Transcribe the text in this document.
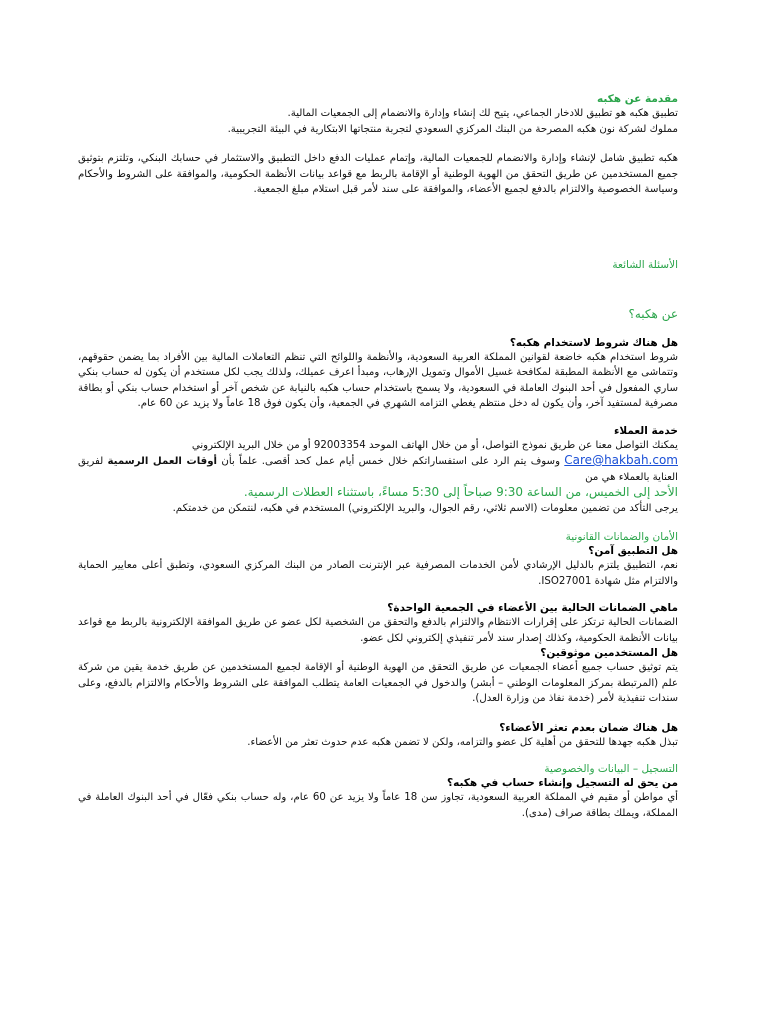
مقدمة عن هكبه

تطبيق هكبه هو تطبيق للادخار الجماعي، يتيح لك إنشاء وإدارة والانضمام إلى الجمعيات المالية.

مملوك لشركة نون هكبه المصرحة من البنك المركزي السعودي لتجربة منتجاتها الابتكارية في البيئة التجريبية.

هكبه تطبيق شامل لإنشاء وإدارة والانضمام للجمعيات المالية، وإتمام عمليات الدفع داخل التطبيق والاستثمار في حسابك البنكي، وتلتزم بتوثيق جميع المستخدمين عن طريق التحقق من الهوية الوطنية أو الإقامة بالربط مع قواعد بيانات الأنظمة الحكومية، والموافقة على الشروط والأحكام وسياسة الخصوصية والالتزام بالدفع لجميع الأعضاء، والموافقة على سند لأمر قبل استلام مبلغ الجمعية.

الأسئلة الشائعة

عن هكبه؟

هل هناك شروط لاستخدام هكبه؟

شروط استخدام هكبه خاضعة لقوانين المملكة العربية السعودية، والأنظمة واللوائح التي تنظم التعاملات المالية بين الأفراد بما يضمن حقوقهم، وتتماشى مع الأنظمة المطبقة لمكافحة غسيل الأموال وتمويل الإرهاب، ومبدأ اعرف عميلك، ولذلك يجب لكل مستخدم أن يكون له حساب بنكي ساري المفعول في أحد البنوك العاملة في السعودية، ولا يسمح باستخدام حساب هكبه بالنيابة عن شخص آخر أو استخدام حساب بنكي أو بطاقة مصرفية لمستفيد آخر، وأن يكون له دخل منتظم يغطي التزامه الشهري في الجمعية، وأن يكون فوق 18 عاماً ولا يزيد عن 60 عام.

خدمة العملاء

يمكنك التواصل معنا عن طريق نموذج التواصل، أو من خلال الهاتف الموحد 92003354 أو من خلال البريد الإلكتروني

Care@hakbah.com وسوف يتم الرد على استفساراتكم خلال خمس أيام عمل كحد أقصى. علماً بأن أوقات العمل الرسمية لفريق العناية بالعملاء هي من

الأحد إلى الخميس، من الساعة 9:30 صباحاً إلى 5:30 مساءً، باستثناء العطلات الرسمية.

يرجى التأكد من تضمين معلومات (الاسم ثلاثي، رقم الجوال، والبريد الإلكتروني) المستخدم في هكبه، لنتمكن من خدمتكم.

الأمان والضمانات القانونية

هل التطبيق آمن؟

نعم، التطبيق يلتزم بالدليل الإرشادي لأمن الخدمات المصرفية عبر الإنترنت الصادر من البنك المركزي السعودي، وتطبق أعلى معايير الحماية والالتزام مثل شهادة ISO27001.

ماهي الضمانات الحالية بين الأعضاء في الجمعية الواحدة؟

الضمانات الحالية ترتكز على إقرارات الانتظام والالتزام بالدفع والتحقق من الشخصية لكل عضو عن طريق الموافقة الإلكترونية بالربط مع قواعد بيانات الأنظمة الحكومية، وكذلك إصدار سند لأمر تنفيذي إلكتروني لكل عضو.

هل المستخدمين موثوقين؟

يتم توثيق حساب جميع أعضاء الجمعيات عن طريق التحقق من الهوية الوطنية أو الإقامة لجميع المستخدمين عن طريق خدمة يقين من شركة علم (المرتبطة بمركز المعلومات الوطني – أبشر) والدخول في الجمعيات العامة يتطلب الموافقة على الشروط والأحكام والالتزام بالدفع، وعلى سندات تنفيذية لأمر (خدمة نفاذ من وزارة العدل).

هل هناك ضمان بعدم تعثر الأعضاء؟

تبذل هكبه جهدها للتحقق من أهلية كل عضو والتزامه، ولكن لا تضمن هكبه عدم حدوث تعثر من الأعضاء.

التسجيل – البيانات والخصوصية

من يحق له التسجيل وإنشاء حساب في هكبه؟

أي مواطن أو مقيم في المملكة العربية السعودية، تجاوز سن 18 عاماً ولا يزيد عن 60 عام، وله حساب بنكي فعّال في أحد البنوك العاملة في المملكة، ويملك بطاقة صراف (مدى).
